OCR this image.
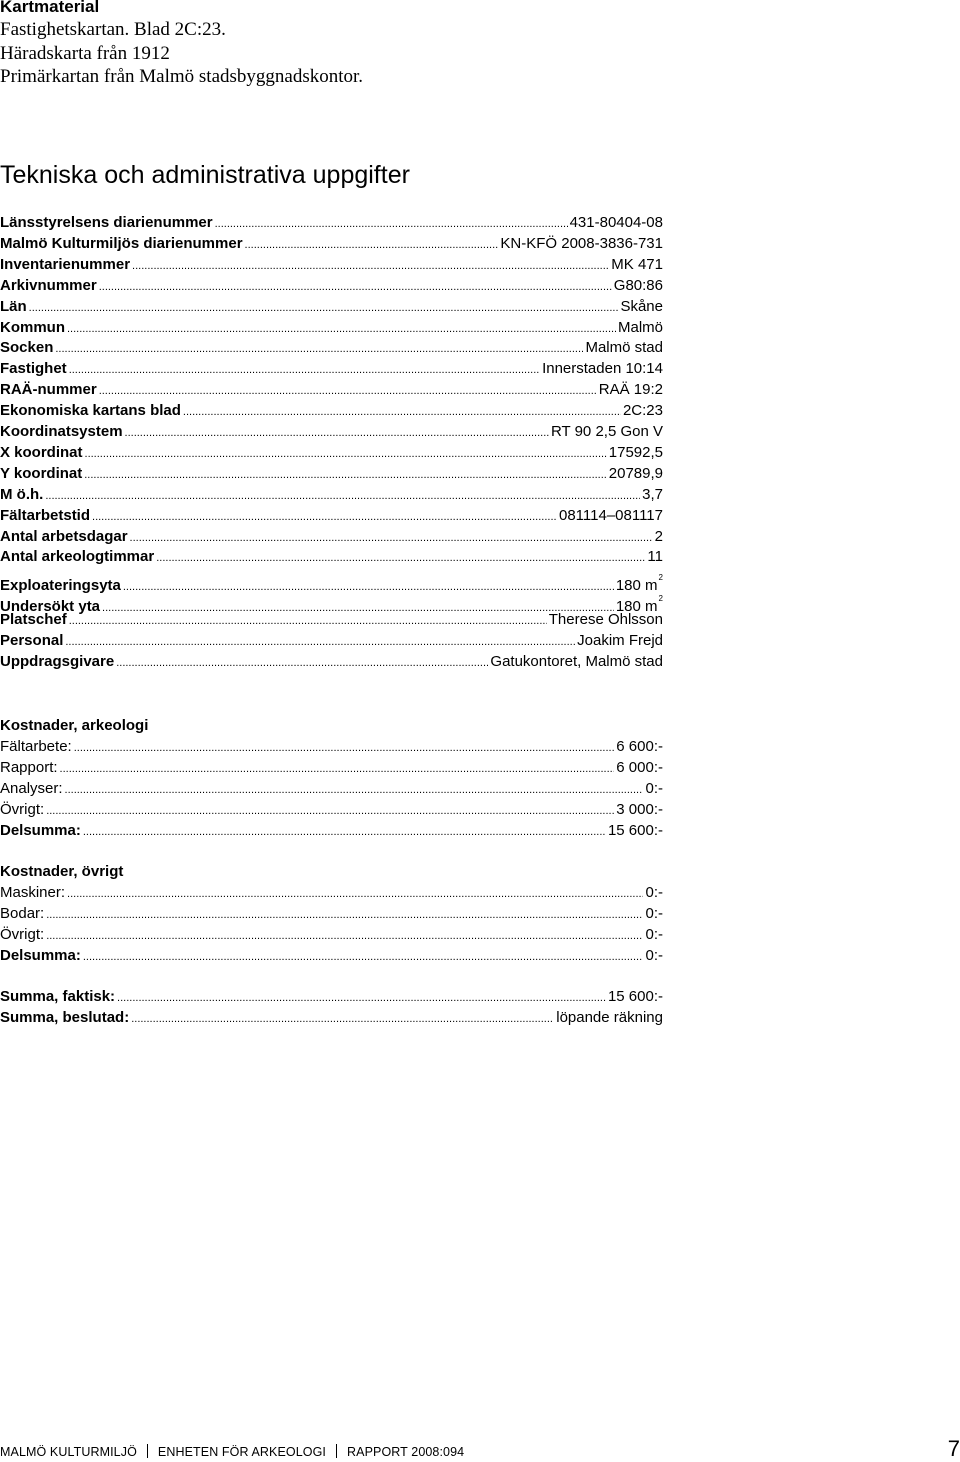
Kartmaterial
Fastighetskartan. Blad 2C:23.
Häradskarta från 1912
Primärkartan från Malmö stadsbyggnadskontor.
Tekniska och administrativa uppgifter
Länsstyrelsens diarienummer .....	431-80404-08
Malmö Kulturmiljös diarienummer .....	KN-KFÖ 2008-3836-731
Inventarienummer .....	MK 471
Arkivnummer .....	G80:86
Län .....	Skåne
Kommun .....	Malmö
Socken .....	Malmö stad
Fastighet .....	Innerstaden 10:14
RAÄ-nummer .....	RAÄ 19:2
Ekonomiska kartans blad .....	2C:23
Koordinatsystem .....	RT 90 2,5 Gon V
X koordinat .....	17592,5
Y koordinat .....	20789,9
M ö.h. .....	3,7
Fältarbetstid .....	081114–081117
Antal arbetsdagar .....	2
Antal arkeologtimmar .....	11
Exploateringsyta .....	180 $m^2$
Undersökt yta .....	180 $m^2$
Platschef .....	Therese Ohlsson
Personal .....	Joakim Frejd
Uppdragsgivare .....	Gatukontoret, Malmö stad
Kostnader, arkeologi
Fältarbete: .....	6 600:-
Rapport: .....	6 000:-
Analyser: .....	0:-
Övrigt: .....	3 000:-
Delsumma: .....	15 600:-
Kostnader, övrigt
Maskiner: .....	0:-
Bodar: .....	0:-
Övrigt: .....	0:-
Delsumma: .....	0:-
Summa, faktisk: .....	15 600:-
Summa, beslutad: .....	löpande räkning
MALMÖ KULTURMILJÖ ENHETEN FÖR ARKEOLOGI RAPPORT 2008:094	7
